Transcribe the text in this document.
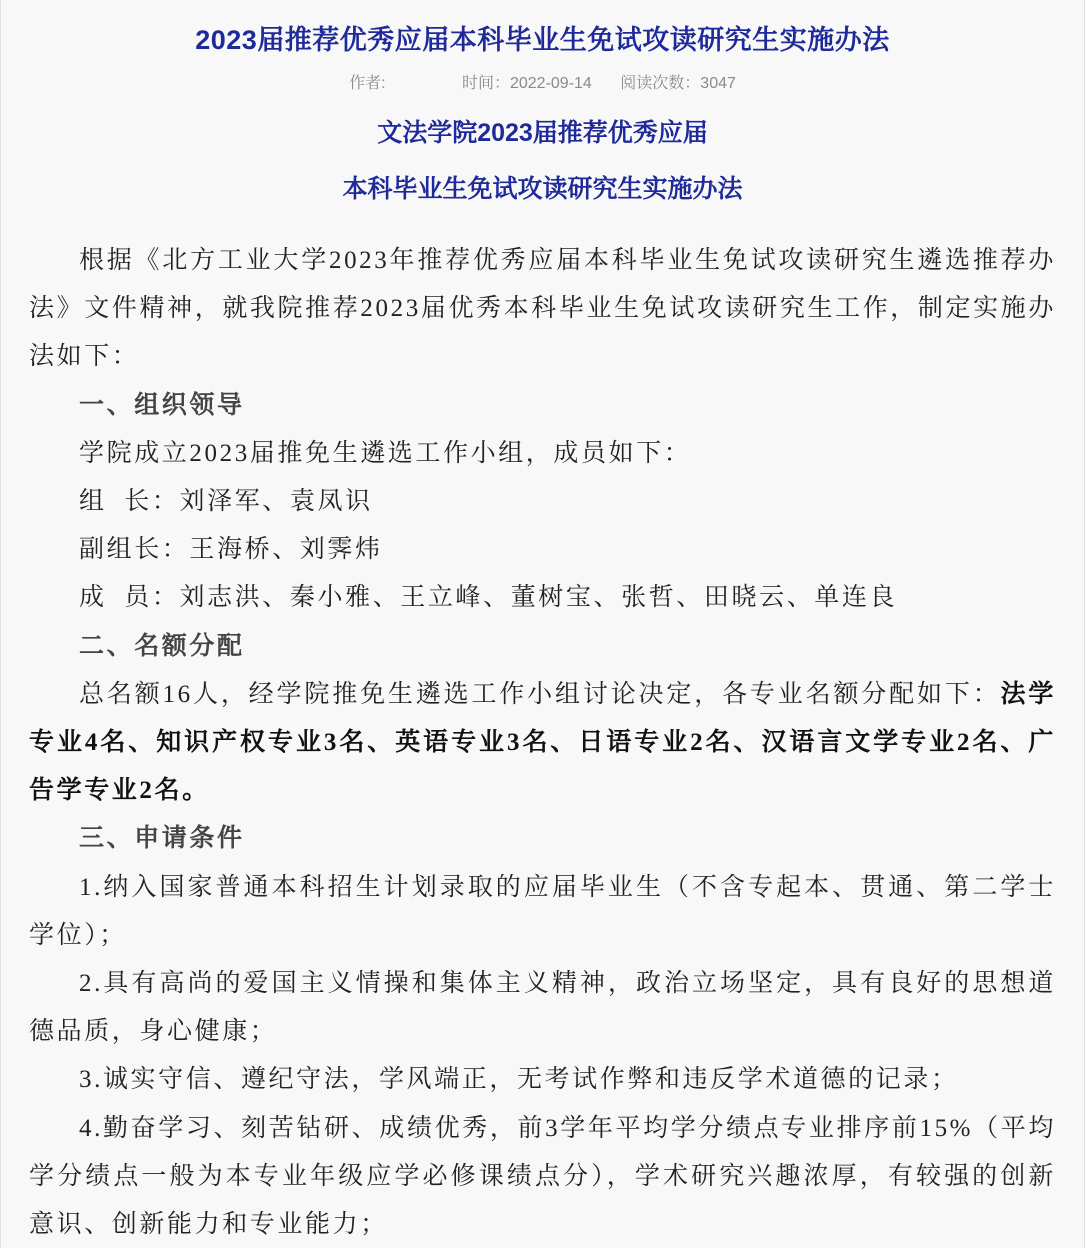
2023届推荐优秀应届本科毕业生免试攻读研究生实施办法
作者:	时间：2022-09-14 阅读次数：3047
文法学院2023届推荐优秀应届
本科毕业生免试攻读研究生实施办法

根据《北方工业大学2023年推荐优秀应届本科毕业生免试攻读研究生遴选推荐办法》文件精神，就我院推荐2023届优秀本科毕业生免试攻读研究生工作，制定实施办法如下：

一、组织领导

学院成立2023届推免生遴选工作小组，成员如下：

组  长：刘泽军、袁凤识

副组长：王海桥、刘霁炜

成  员：刘志洪、秦小雅、王立峰、董树宝、张哲、田晓云、单连良

二、名额分配

总名额16人，经学院推免生遴选工作小组讨论决定，各专业名额分配如下：法学专业4名、知识产权专业3名、英语专业3名、日语专业2名、汉语言文学专业2名、广告学专业2名。

三、申请条件

1.纳入国家普通本科招生计划录取的应届毕业生（不含专起本、贯通、第二学士学位）；

2.具有高尚的爱国主义情操和集体主义精神，政治立场坚定，具有良好的思想道德品质，身心健康；

3.诚实守信、遵纪守法，学风端正，无考试作弊和违反学术道德的记录；

4.勤奋学习、刻苦钻研、成绩优秀，前3学年平均学分绩点专业排序前15%（平均学分绩点一般为本专业年级应学必修课绩点分），学术研究兴趣浓厚，有较强的创新意识、创新能力和专业能力；
